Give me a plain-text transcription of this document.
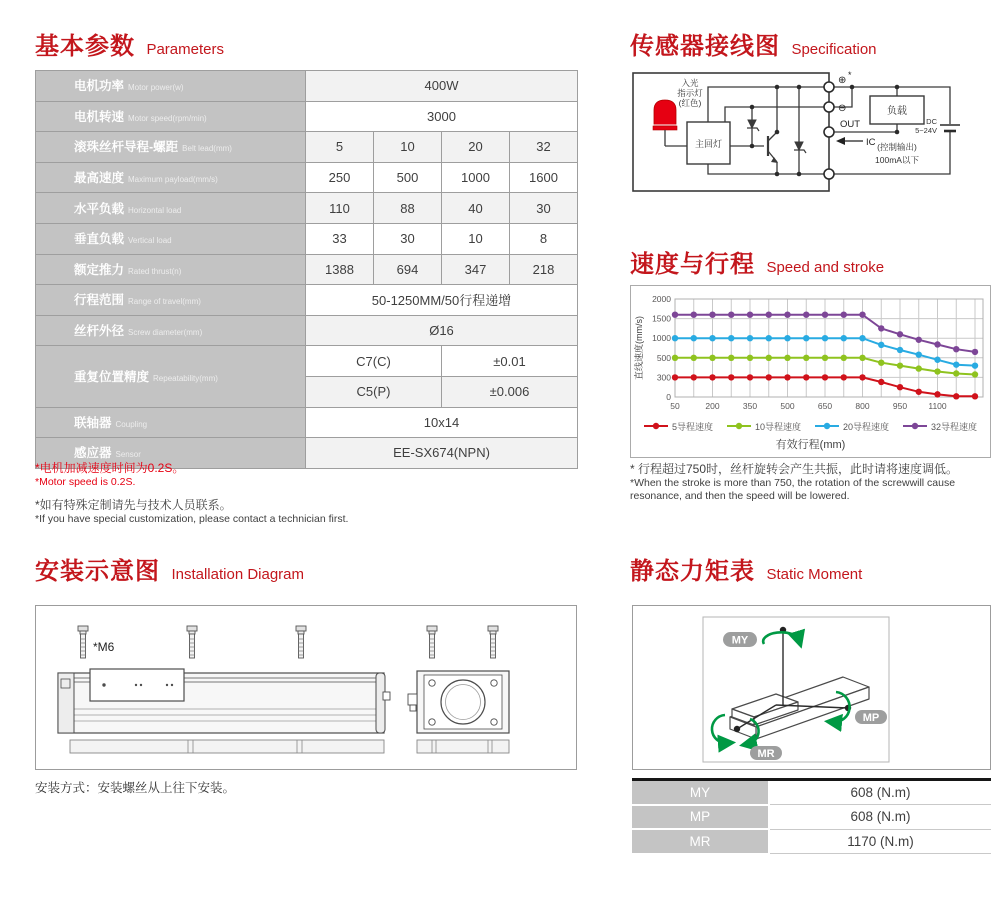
基本参数 Parameters	传感器接线图 Specification
速度与行程 Speed and stroke
安装示意图 Installation Diagram	静态力矩表 Static Moment
电机功率 Motor power(w)	400W			
电机转速 Motor speed(rpm/min)	3000			
滚珠丝杆导程-螺距 Belt lead(mm)	5	10	20	32
最高速度 Maximum payload(mm/s)	250	500	1000	1600
水平负载 Horizontal load	110	88	40	30
垂直负载 Vertical load	33	30	10	8
额定推力 Rated thrust(n)	1388	694	347	218
行程范围 Range of travel(mm)	50-1250MM/50行程递增			
丝杆外径 Screw diameter(mm)	Ø16			
重复位置精度 Repeatability(mm)	C7(C)		±0.01	
	C5(P)		±0.006	
联轴器 Coupling	10x14			
感应器 Sensor	EE-SX674(NPN)			
*电机加减速度时间为0.2S。
*Motor speed is 0.2S.
*如有特殊定制请先与技术人员联系。
*If you have special customization, please contact a technician first.
入光
指示灯
(红色)
主回灯
⊕ *
⊖
OUT
IC
负载
DC
5~24V
(控制输出)
100mA以下
0
300
500
1000
1500
2000
50	200	350	500	650	800	950	1100
直线速度(mm/s)
5导程速度	10导程速度	20导程速度	32导程速度
有效行程(mm)
* 行程超过750时，丝杆旋转会产生共振，此时请将速度调低。
*When the stroke is more than 750, the rotation of the screwwill cause resonance, and then the speed will be lowered.
*M6
安装方式：安装螺丝从上往下安装。
MY
MP
MR
MY	608 (N.m)
MP	608 (N.m)
MR	1170 (N.m)
